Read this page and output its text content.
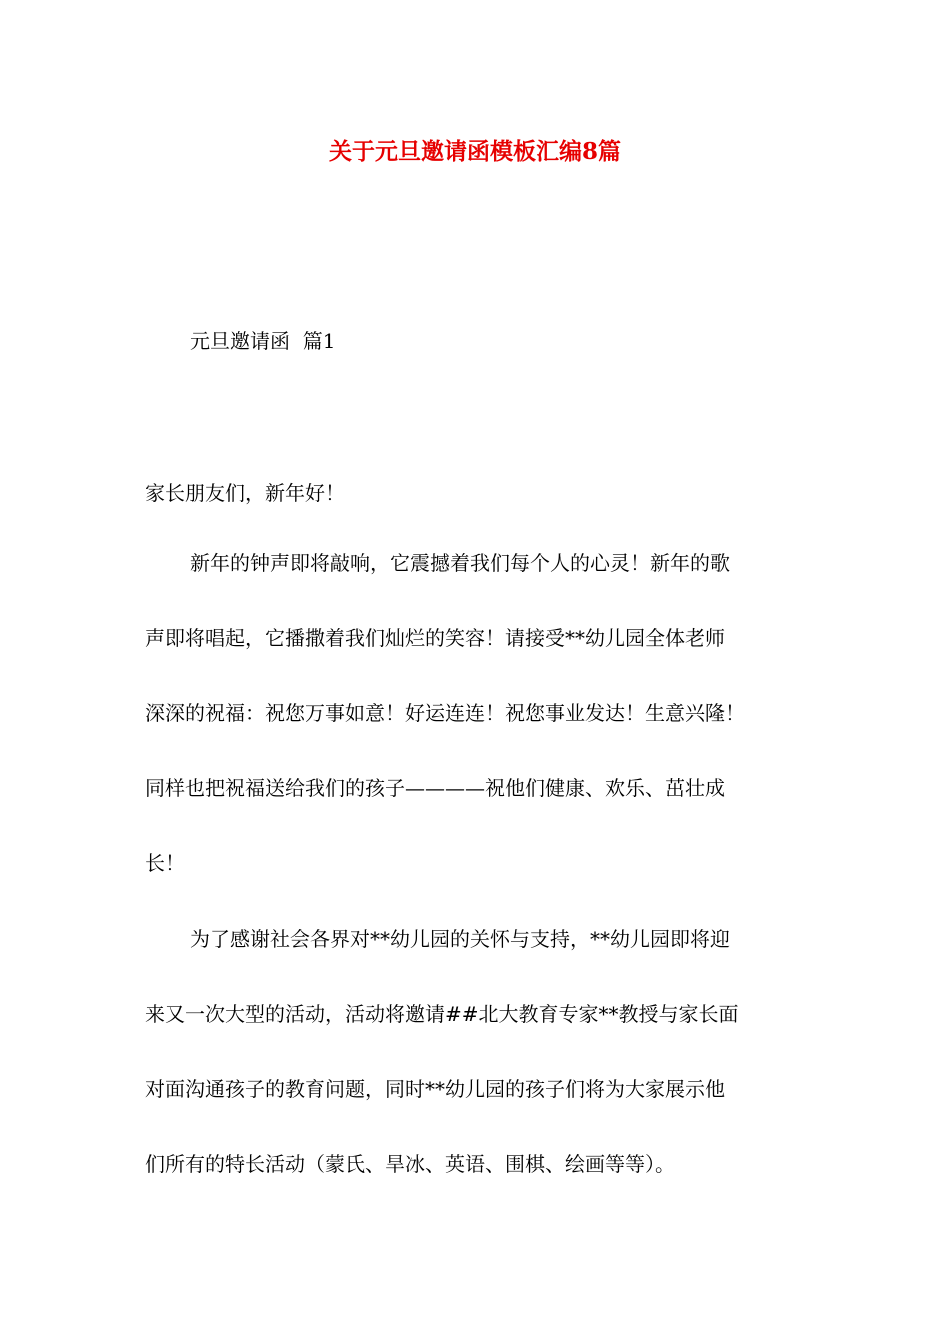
关于元旦邀请函模板汇编8篇
元旦邀请函  篇1
家长朋友们，新年好！
新年的钟声即将敲响，它震撼着我们每个人的心灵！新年的歌
声即将唱起，它播撒着我们灿烂的笑容！请接受**幼儿园全体老师
深深的祝福：祝您万事如意！好运连连！祝您事业发达！生意兴隆！
同样也把祝福送给我们的孩子————祝他们健康、欢乐、茁壮成
长！
为了感谢社会各界对**幼儿园的关怀与支持，**幼儿园即将迎
来又一次大型的活动，活动将邀请##北大教育专家**教授与家长面
对面沟通孩子的教育问题，同时**幼儿园的孩子们将为大家展示他
们所有的特长活动（蒙氏、旱冰、英语、围棋、绘画等等）。
